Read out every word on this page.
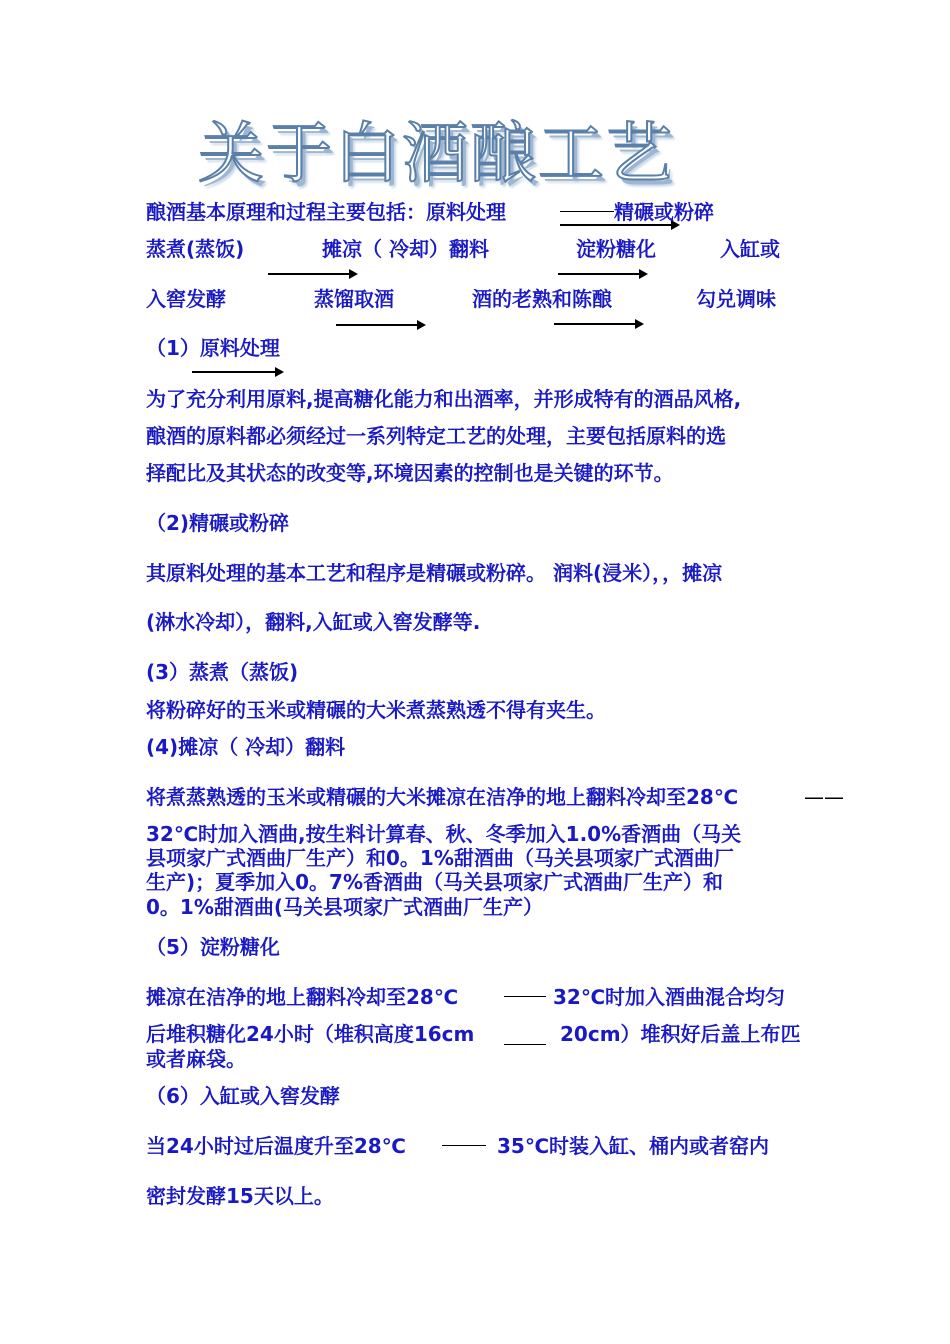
关于白酒酿工艺
酿酒基本原理和过程主要包括：原料处理	精碾或粉碎
蒸煮(蒸饭)	摊凉（ 冷却）翻料	淀粉糖化	入缸或
入窖发酵	蒸馏取酒	酒的老熟和陈酿	勾兑调味
（1）原料处理
为了充分利用原料,提高糖化能力和出酒率，并形成特有的酒品风格,
酿酒的原料都必须经过一系列特定工艺的处理，主要包括原料的选
择配比及其状态的改变等,环境因素的控制也是关键的环节。
（2)精碾或粉碎
其原料处理的基本工艺和程序是精碾或粉碎。 润料(浸米），，摊凉
(淋水冷却），翻料,入缸或入窖发酵等.
(3）蒸煮（蒸饭)
将粉碎好的玉米或精碾的大米煮蒸熟透不得有夹生。
(4)摊凉（ 冷却）翻料
将煮蒸熟透的玉米或精碾的大米摊凉在洁净的地上翻料冷却至28℃	——
32℃时加入酒曲,按生料计算春、秋、冬季加入1.0%香酒曲（马关
县项家广式酒曲厂生产）和0。1%甜酒曲（马关县项家广式酒曲厂
生产)；夏季加入0。7%香酒曲（马关县项家广式酒曲厂生产）和
0。1%甜酒曲(马关县项家广式酒曲厂生产）
（5）淀粉糖化
摊凉在洁净的地上翻料冷却至28℃	32℃时加入酒曲混合均匀
后堆积糖化24小时（堆积高度16cm	20cm）堆积好后盖上布匹
或者麻袋。
（6）入缸或入窖发酵
当24小时过后温度升至28℃	35℃时装入缸、桶内或者窑内
密封发酵15天以上。
